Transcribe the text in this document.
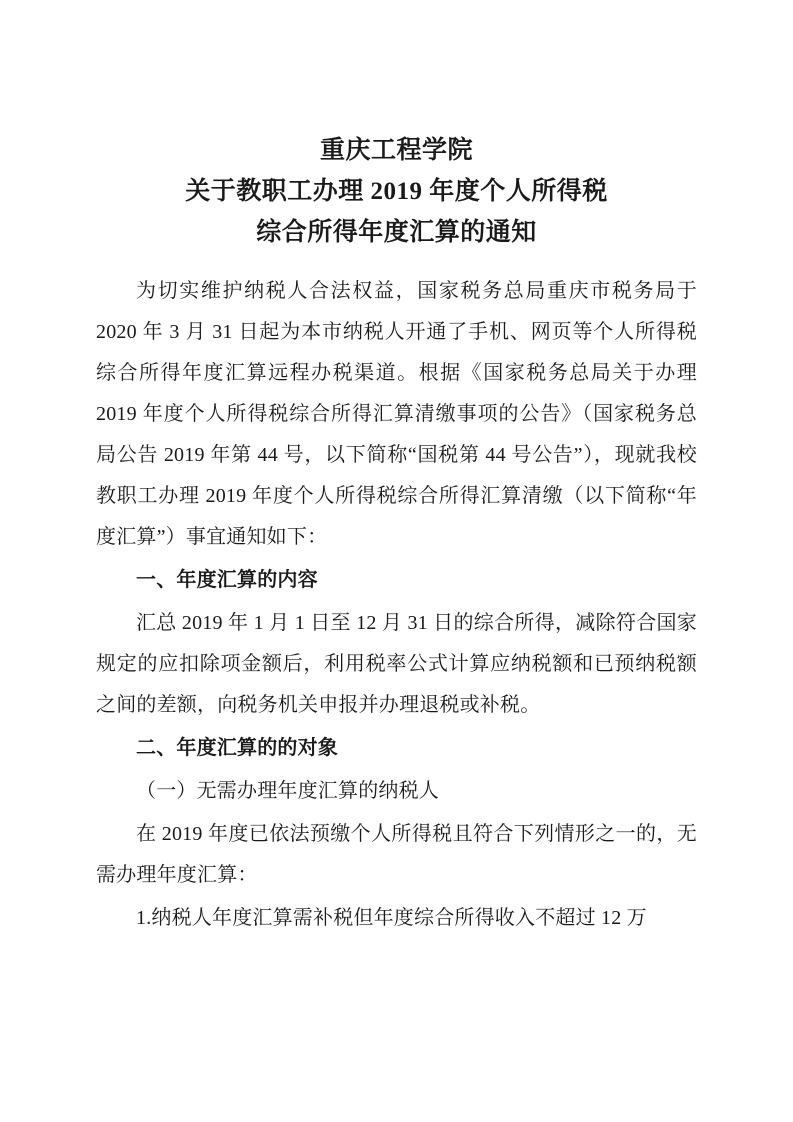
重庆工程学院
关于教职工办理 2019 年度个人所得税
综合所得年度汇算的通知

为切实维护纳税人合法权益，国家税务总局重庆市税务局于 2020 年 3 月 31 日起为本市纳税人开通了手机、网页等个人所得税综合所得年度汇算远程办税渠道。根据《国家税务总局关于办理 2019 年度个人所得税综合所得汇算清缴事项的公告》（国家税务总局公告 2019 年第 44 号，以下简称“国税第 44 号公告”），现就我校教职工办理 2019 年度个人所得税综合所得汇算清缴（以下简称“年度汇算”）事宜通知如下：

一、年度汇算的内容

汇总 2019 年 1 月 1 日至 12 月 31 日的综合所得，减除符合国家规定的应扣除项金额后，利用税率公式计算应纳税额和已预纳税额之间的差额，向税务机关申报并办理退税或补税。

二、年度汇算的的对象

（一）无需办理年度汇算的纳税人

在 2019 年度已依法预缴个人所得税且符合下列情形之一的，无需办理年度汇算：

1.纳税人年度汇算需补税但年度综合所得收入不超过 12 万
